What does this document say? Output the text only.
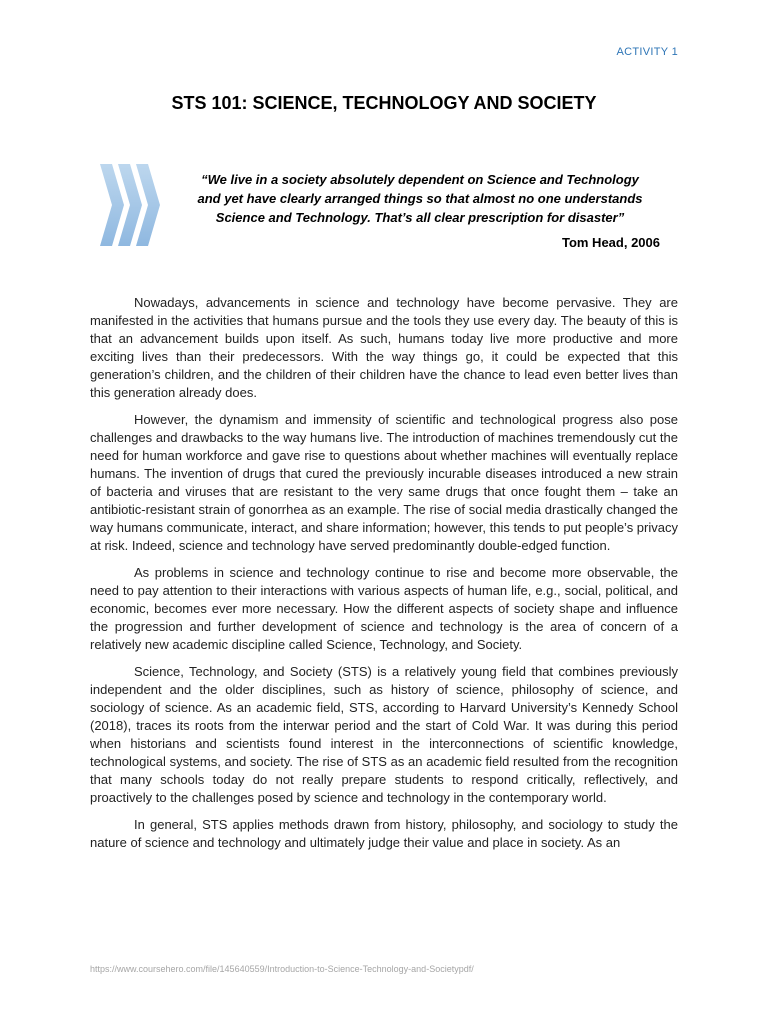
ACTIVITY 1
STS 101: SCIENCE, TECHNOLOGY AND SOCIETY
“We live in a society absolutely dependent on Science and Technology
and yet have clearly arranged things so that almost no one understands
Science and Technology. That’s all clear prescription for disaster”
Tom Head, 2006

Nowadays, advancements in science and technology have become pervasive. They are manifested in the activities that humans pursue and the tools they use every day. The beauty of this is that an advancement builds upon itself. As such, humans today live more productive and more exciting lives than their predecessors. With the way things go, it could be expected that this generation’s children, and the children of their children have the chance to lead even better lives than this generation already does.

However, the dynamism and immensity of scientific and technological progress also pose challenges and drawbacks to the way humans live. The introduction of machines tremendously cut the need for human workforce and gave rise to questions about whether machines will eventually replace humans. The invention of drugs that cured the previously incurable diseases introduced a new strain of bacteria and viruses that are resistant to the very same drugs that once fought them – take an antibiotic-resistant strain of gonorrhea as an example. The rise of social media drastically changed the way humans communicate, interact, and share information; however, this tends to put people’s privacy at risk. Indeed, science and technology have served predominantly double-edged function.

As problems in science and technology continue to rise and become more observable, the need to pay attention to their interactions with various aspects of human life, e.g., social, political, and economic, becomes ever more necessary. How the different aspects of society shape and influence the progression and further development of science and technology is the area of concern of a relatively new academic discipline called Science, Technology, and Society.

Science, Technology, and Society (STS) is a relatively young field that combines previously independent and the older disciplines, such as history of science, philosophy of science, and sociology of science. As an academic field, STS, according to Harvard University’s Kennedy School (2018), traces its roots from the interwar period and the start of Cold War. It was during this period when historians and scientists found interest in the interconnections of scientific knowledge, technological systems, and society. The rise of STS as an academic field resulted from the recognition that many schools today do not really prepare students to respond critically, reflectively, and proactively to the challenges posed by science and technology in the contemporary world.

In general, STS applies methods drawn from history, philosophy, and sociology to study the nature of science and technology and ultimately judge their value and place in society. As an

https://www.coursehero.com/file/145640559/Introduction-to-Science-Technology-and-Societypdf/
